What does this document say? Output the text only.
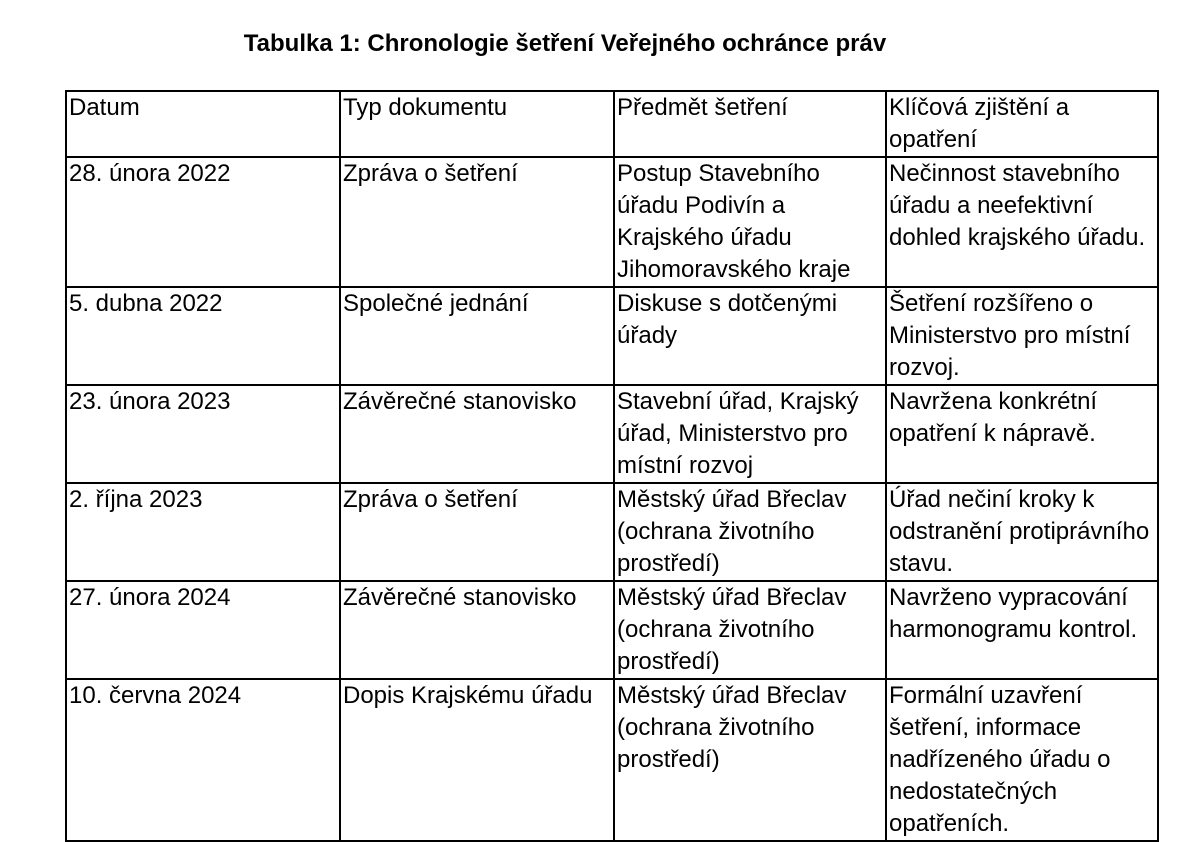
Tabulka 1: Chronologie šetření Veřejného ochránce práv
Datum	Typ dokumentu	Předmět šetření	Klíčová zjištění a opatření
28. února 2022	Zpráva o šetření	Postup Stavebního úřadu Podivín a Krajského úřadu Jihomoravského kraje	Nečinnost stavebního úřadu a neefektivní dohled krajského úřadu.
5. dubna 2022	Společné jednání	Diskuse s dotčenými úřady	Šetření rozšířeno o Ministerstvo pro místní rozvoj.
23. února 2023	Závěrečné stanovisko	Stavební úřad, Krajský úřad, Ministerstvo pro místní rozvoj	Navržena konkrétní opatření k nápravě.
2. října 2023	Zpráva o šetření	Městský úřad Břeclav (ochrana životního prostředí)	Úřad nečiní kroky k odstranění protiprávního stavu.
27. února 2024	Závěrečné stanovisko	Městský úřad Břeclav (ochrana životního prostředí)	Navrženo vypracování harmonogramu kontrol.
10. června 2024	Dopis Krajskému úřadu	Městský úřad Břeclav (ochrana životního prostředí)	Formální uzavření šetření, informace nadřízeného úřadu o nedostatečných opatřeních.
